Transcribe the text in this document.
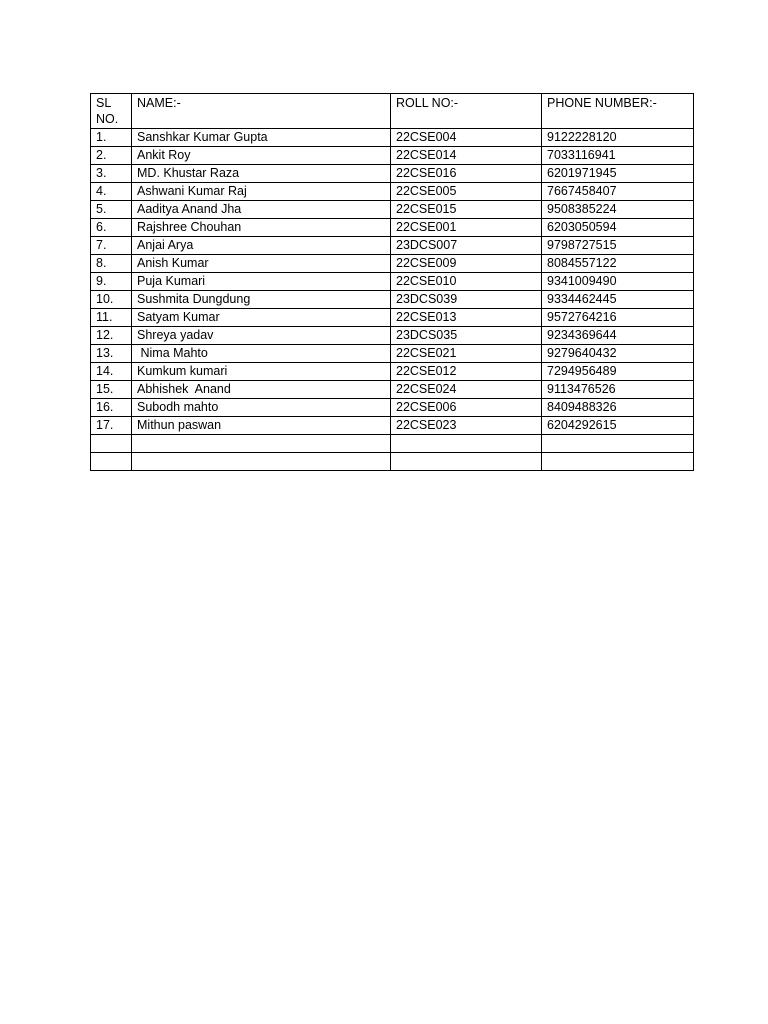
SL NO.	NAME:-	ROLL NO:-	PHONE NUMBER:-
1.	Sanshkar Kumar Gupta	22CSE004	9122228120
2.	Ankit Roy	22CSE014	7033116941
3.	MD. Khustar Raza	22CSE016	6201971945
4.	Ashwani Kumar Raj	22CSE005	7667458407
5.	Aaditya Anand Jha	22CSE015	9508385224
6.	Rajshree Chouhan	22CSE001	6203050594
7.	Anjai Arya	23DCS007	9798727515
8.	Anish Kumar	22CSE009	8084557122
9.	Puja Kumari	22CSE010	9341009490
10.	Sushmita Dungdung	23DCS039	9334462445
11.	Satyam Kumar	22CSE013	9572764216
12.	Shreya yadav	23DCS035	9234369644
13.	Nima Mahto	22CSE021	9279640432
14.	Kumkum kumari	22CSE012	7294956489
15.	Abhishek  Anand	22CSE024	9113476526
16.	Subodh mahto	22CSE006	8409488326
17.	Mithun paswan	22CSE023	6204292615
